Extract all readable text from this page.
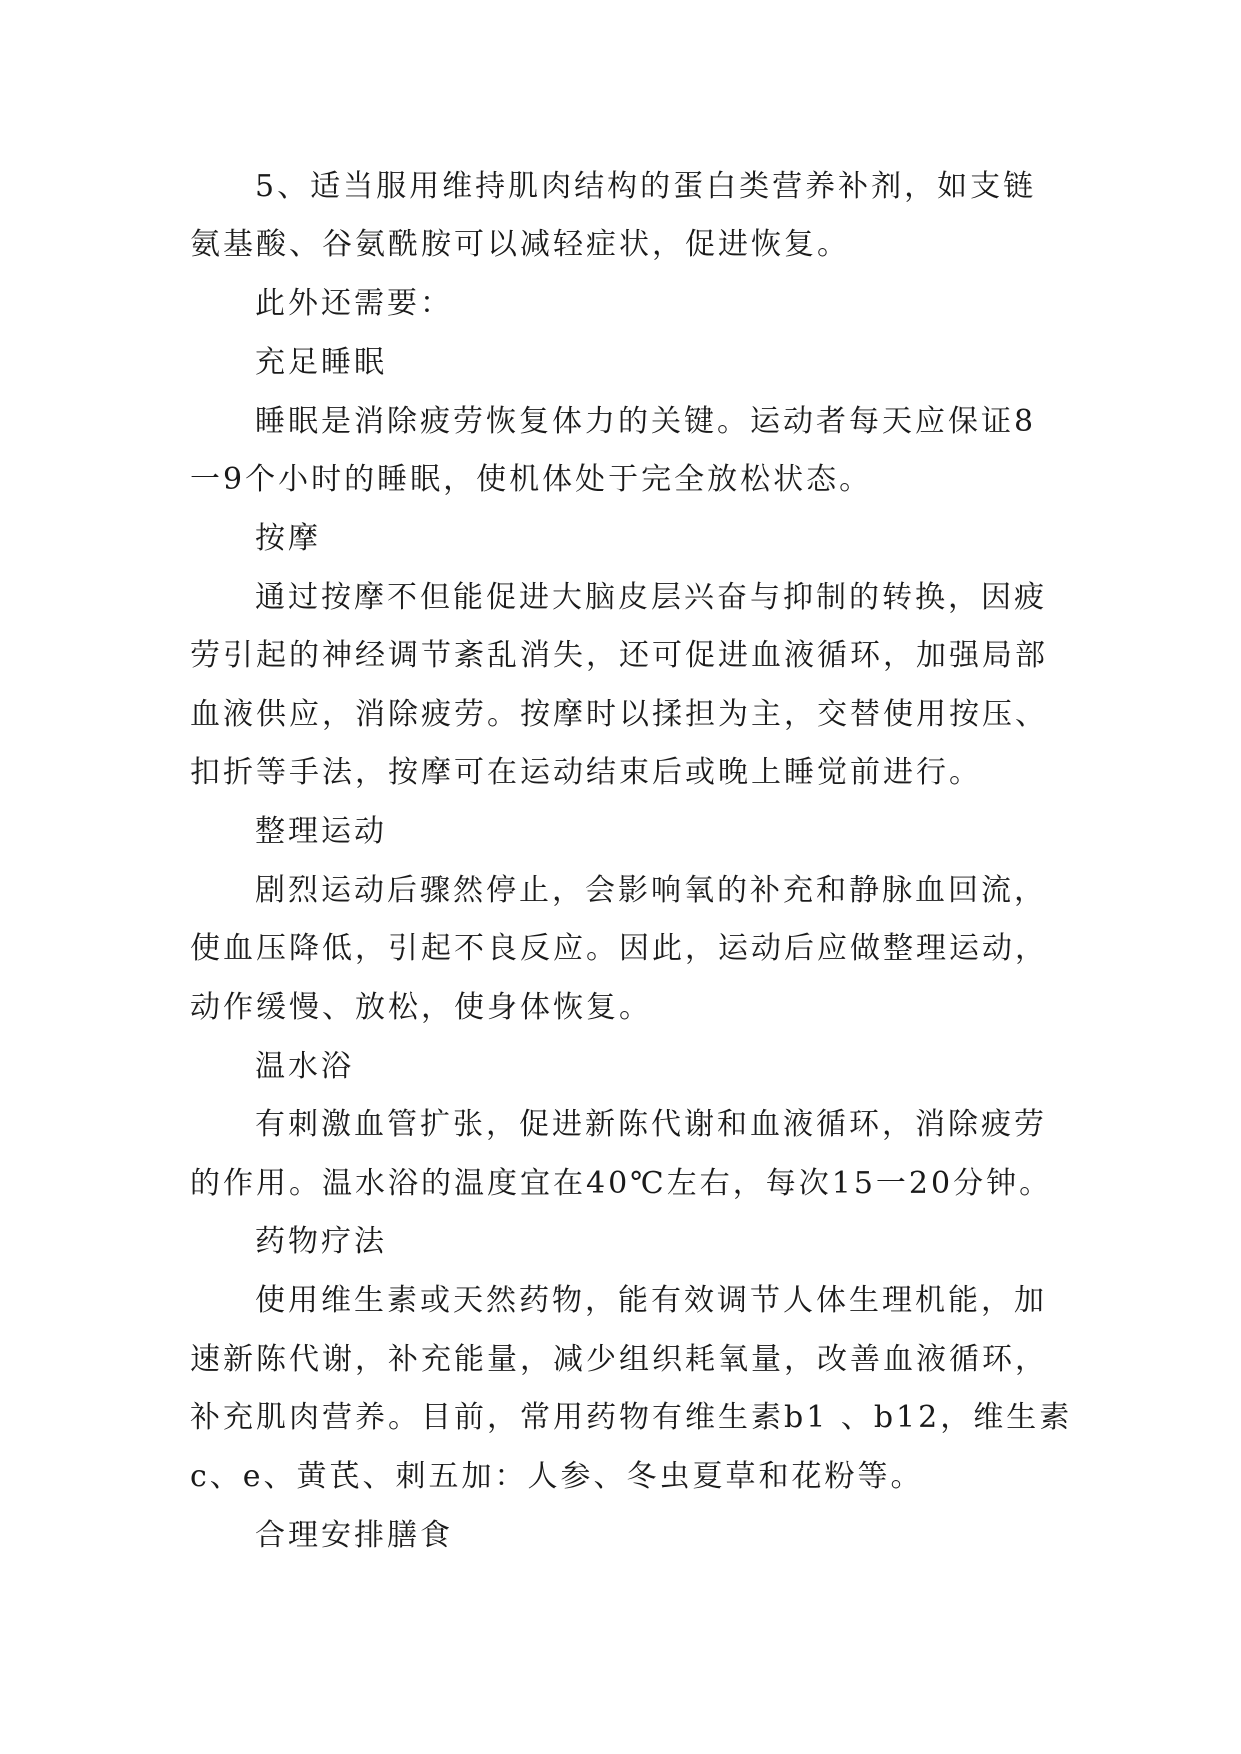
5、适当服用维持肌肉结构的蛋白类营养补剂，如支链
氨基酸、谷氨酰胺可以减轻症状，促进恢复。
此外还需要：
充足睡眠
睡眠是消除疲劳恢复体力的关键。运动者每天应保证8
一9个小时的睡眠，使机体处于完全放松状态。
按摩
通过按摩不但能促进大脑皮层兴奋与抑制的转换，因疲
劳引起的神经调节紊乱消失，还可促进血液循环，加强局部
血液供应，消除疲劳。按摩时以揉担为主，交替使用按压、
扣折等手法，按摩可在运动结束后或晚上睡觉前进行。
整理运动
剧烈运动后骤然停止，会影响氧的补充和静脉血回流，
使血压降低，引起不良反应。因此，运动后应做整理运动，
动作缓慢、放松，使身体恢复。
温水浴
有刺激血管扩张，促进新陈代谢和血液循环，消除疲劳
的作用。温水浴的温度宜在40℃左右，每次15一20分钟。
药物疗法
使用维生素或天然药物，能有效调节人体生理机能，加
速新陈代谢，补充能量，减少组织耗氧量，改善血液循环，
补充肌肉营养。目前，常用药物有维生素b1 、b12，维生素
c、e、黄芪、刺五加：人参、冬虫夏草和花粉等。
合理安排膳食
